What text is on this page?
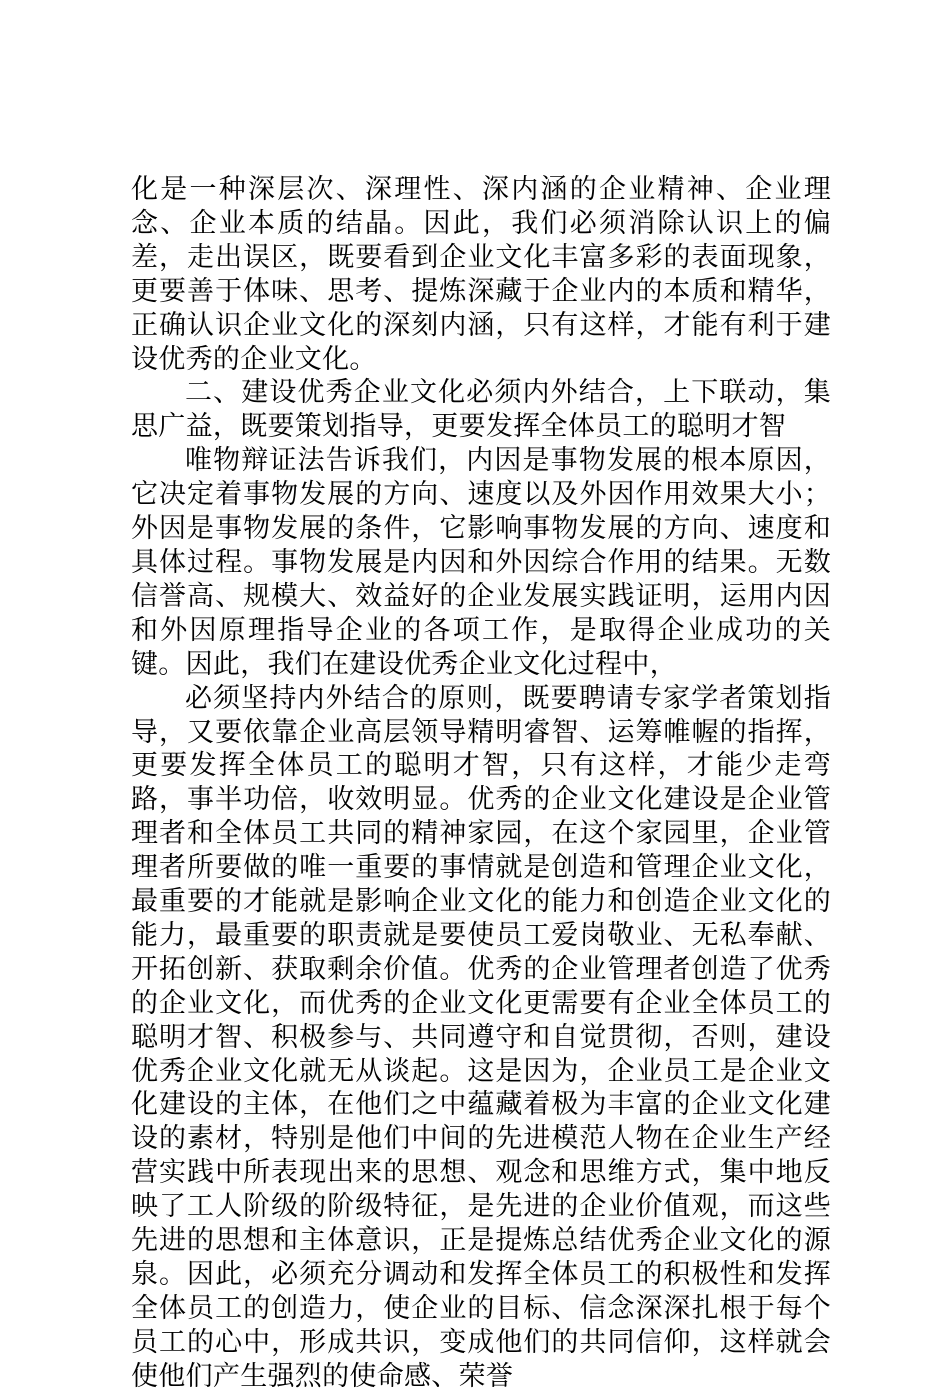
化是一种深层次、深理性、深内涵的企业精神、企业理念、企业本质的结晶。因此，我们必须消除认识上的偏差，走出误区，既要看到企业文化丰富多彩的表面现象，更要善于体味、思考、提炼深藏于企业内的本质和精华，正确认识企业文化的深刻内涵，只有这样，才能有利于建设优秀的企业文化。

二、建设优秀企业文化必须内外结合，上下联动，集思广益，既要策划指导，更要发挥全体员工的聪明才智

唯物辩证法告诉我们，内因是事物发展的根本原因，它决定着事物发展的方向、速度以及外因作用效果大小；外因是事物发展的条件，它影响事物发展的方向、速度和具体过程。事物发展是内因和外因综合作用的结果。无数信誉高、规模大、效益好的企业发展实践证明，运用内因和外因原理指导企业的各项工作，是取得企业成功的关键。因此，我们在建设优秀企业文化过程中，

必须坚持内外结合的原则，既要聘请专家学者策划指导，又要依靠企业高层领导精明睿智、运筹帷幄的指挥，更要发挥全体员工的聪明才智，只有这样，才能少走弯路，事半功倍，收效明显。优秀的企业文化建设是企业管理者和全体员工共同的精神家园，在这个家园里，企业管理者所要做的唯一重要的事情就是创造和管理企业文化，最重要的才能就是影响企业文化的能力和创造企业文化的能力，最重要的职责就是要使员工爱岗敬业、无私奉献、开拓创新、获取剩余价值。优秀的企业管理者创造了优秀的企业文化，而优秀的企业文化更需要有企业全体员工的聪明才智、积极参与、共同遵守和自觉贯彻，否则，建设优秀企业文化就无从谈起。这是因为，企业员工是企业文化建设的主体，在他们之中蕴藏着极为丰富的企业文化建设的素材，特别是他们中间的先进模范人物在企业生产经营实践中所表现出来的思想、观念和思维方式，集中地反映了工人阶级的阶级特征，是先进的企业价值观，而这些先进的思想和主体意识，正是提炼总结优秀企业文化的源泉。因此，必须充分调动和发挥全体员工的积极性和发挥全体员工的创造力，使企业的目标、信念深深扎根于每个员工的心中，形成共识，变成他们的共同信仰，这样就会使他们产生强烈的使命感、荣誉
